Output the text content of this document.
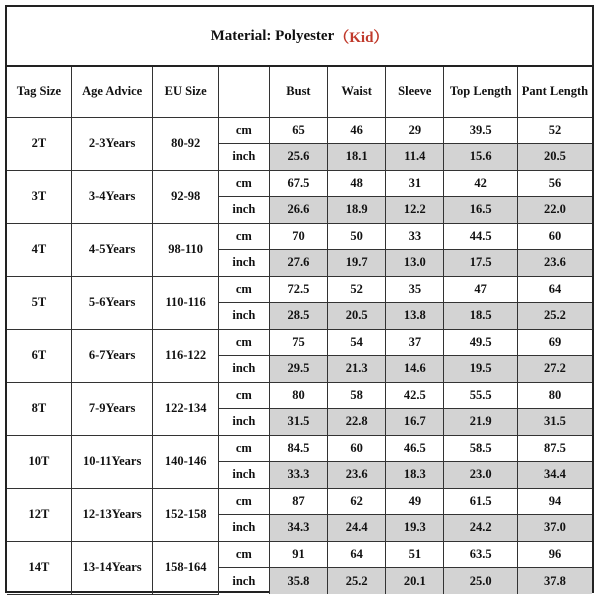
Material: Polyester （Kid）
Tag Size	Age Advice	EU Size		Bust	Waist	Sleeve	Top Length	Pant Length
2T	2-3Years	80-92	cm	65	46	29	39.5	52
			inch	25.6	18.1	11.4	15.6	20.5
3T	3-4Years	92-98	cm	67.5	48	31	42	56
			inch	26.6	18.9	12.2	16.5	22.0
4T	4-5Years	98-110	cm	70	50	33	44.5	60
			inch	27.6	19.7	13.0	17.5	23.6
5T	5-6Years	110-116	cm	72.5	52	35	47	64
			inch	28.5	20.5	13.8	18.5	25.2
6T	6-7Years	116-122	cm	75	54	37	49.5	69
			inch	29.5	21.3	14.6	19.5	27.2
8T	7-9Years	122-134	cm	80	58	42.5	55.5	80
			inch	31.5	22.8	16.7	21.9	31.5
10T	10-11Years	140-146	cm	84.5	60	46.5	58.5	87.5
			inch	33.3	23.6	18.3	23.0	34.4
12T	12-13Years	152-158	cm	87	62	49	61.5	94
			inch	34.3	24.4	19.3	24.2	37.0
14T	13-14Years	158-164	cm	91	64	51	63.5	96
			inch	35.8	25.2	20.1	25.0	37.8
